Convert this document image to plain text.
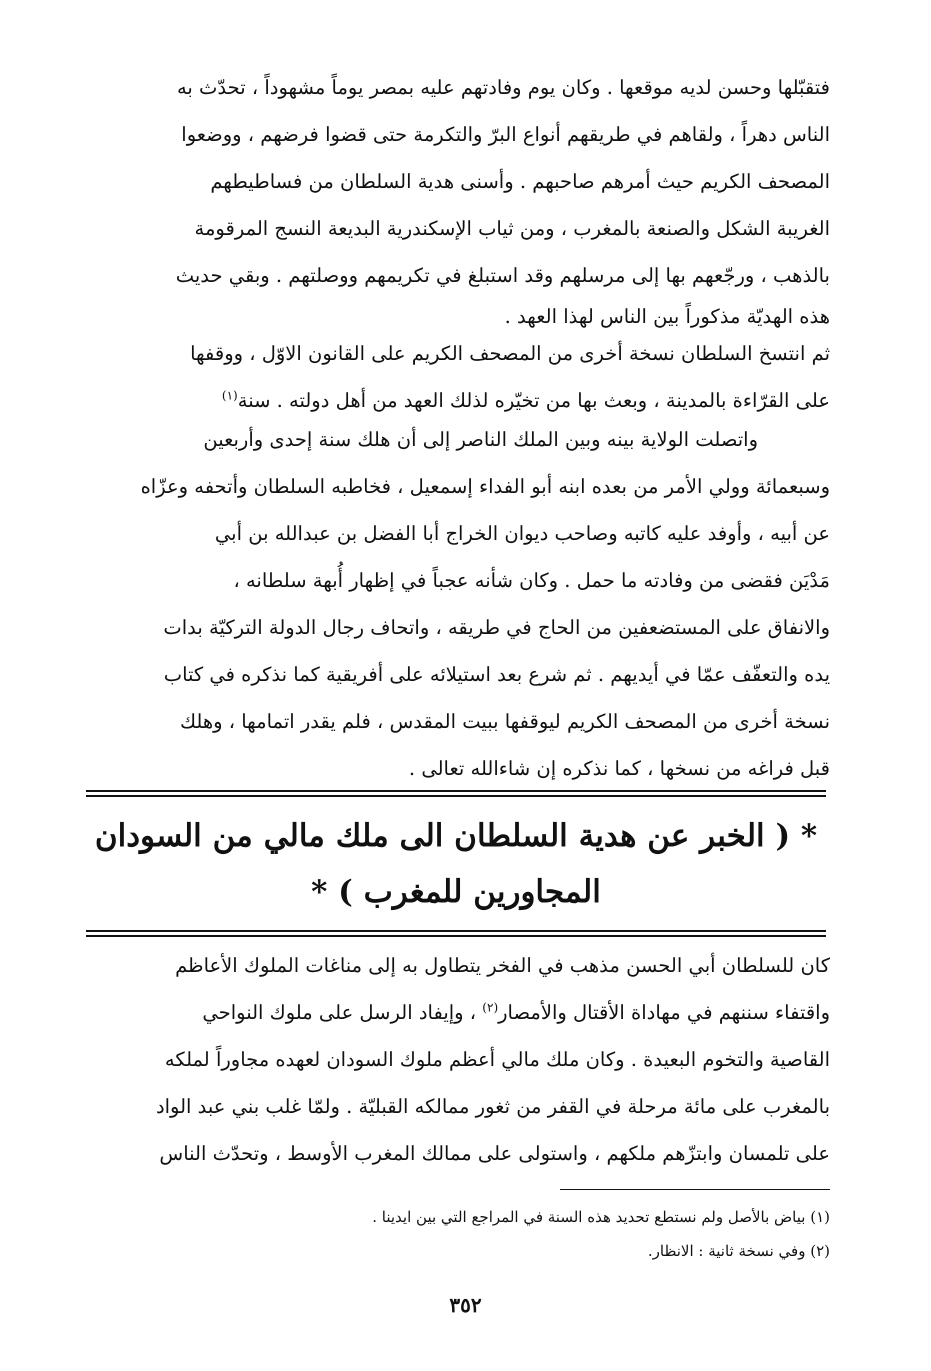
فتقبّلها وحسن لديه موقعها . وكان يوم وفادتهم عليه بمصر يوماً مشهوداً ، تحدّث به
الناس دهراً ، ولقاهم في طريقهم أنواع البرّ والتكرمة حتى قضوا فرضهم ، ووضعوا
المصحف الكريم حيث أمرهم صاحبهم . وأسنى هدية السلطان من فساطيطهم
الغريبة الشكل والصنعة بالمغرب ، ومن ثياب الإسكندرية البديعة النسج المرقومة
بالذهب ، ورجّعهم بها إلى مرسلهم وقد استبلغ في تكريمهم ووصلتهم . وبقي حديث
هذه الهديّة مذكوراً بين الناس لهذا العهد .
ثم انتسخ السلطان نسخة أخرى من المصحف الكريم على القانون الاوّل ، ووقفها
على القرّاءة بالمدينة ، وبعث بها من تخيّره لذلك العهد من أهل دولته . سنة$^{(١)}$
واتصلت الولاية بينه وبين الملك الناصر إلى أن هلك سنة إحدى وأربعين
وسبعمائة وولي الأمر من بعده ابنه أبو الفداء إسمعيل ، فخاطبه السلطان وأتحفه وعزّاه
عن أبيه ، وأوفد عليه كاتبه وصاحب ديوان الخراج أبا الفضل بن عبدالله بن أبي
مَدْيَن فقضى من وفادته ما حمل . وكان شأنه عجباً في إظهار أُبهة سلطانه ،
والانفاق على المستضعفين من الحاج في طريقه ، واتحاف رجال الدولة التركيّة بدات
يده والتعفّف عمّا في أيديهم . ثم شرع بعد استيلائه على أفريقية كما نذكره في كتاب
نسخة أخرى من المصحف الكريم ليوقفها ببيت المقدس ، فلم يقدر اتمامها ، وهلك
قبل فراغه من نسخها ، كما نذكره إن شاءالله تعالى .
* ( الخبر عن هدية السلطان الى ملك مالي من السودان
المجاورين للمغرب ) *
كان للسلطان أبي الحسن مذهب في الفخر يتطاول به إلى مناغات الملوك الأعاظم
واقتفاء سننهم في مهاداة الأقتال والأمصار$^{(٢)}$ ، وإيفاد الرسل على ملوك النواحي
القاصية والتخوم البعيدة . وكان ملك مالي أعظم ملوك السودان لعهده مجاوراً لملكه
بالمغرب على مائة مرحلة في القفر من ثغور ممالكه القبليّة . ولمّا غلب بني عبد الواد
على تلمسان وابتزّهم ملكهم ، واستولى على ممالك المغرب الأوسط ، وتحدّث الناس
(١) بياض بالأصل ولم نستطع تحديد هذه السنة في المراجع التي بين ايدينا .
(٢) وفي نسخة ثانية : الانظار.
٣٥٢
